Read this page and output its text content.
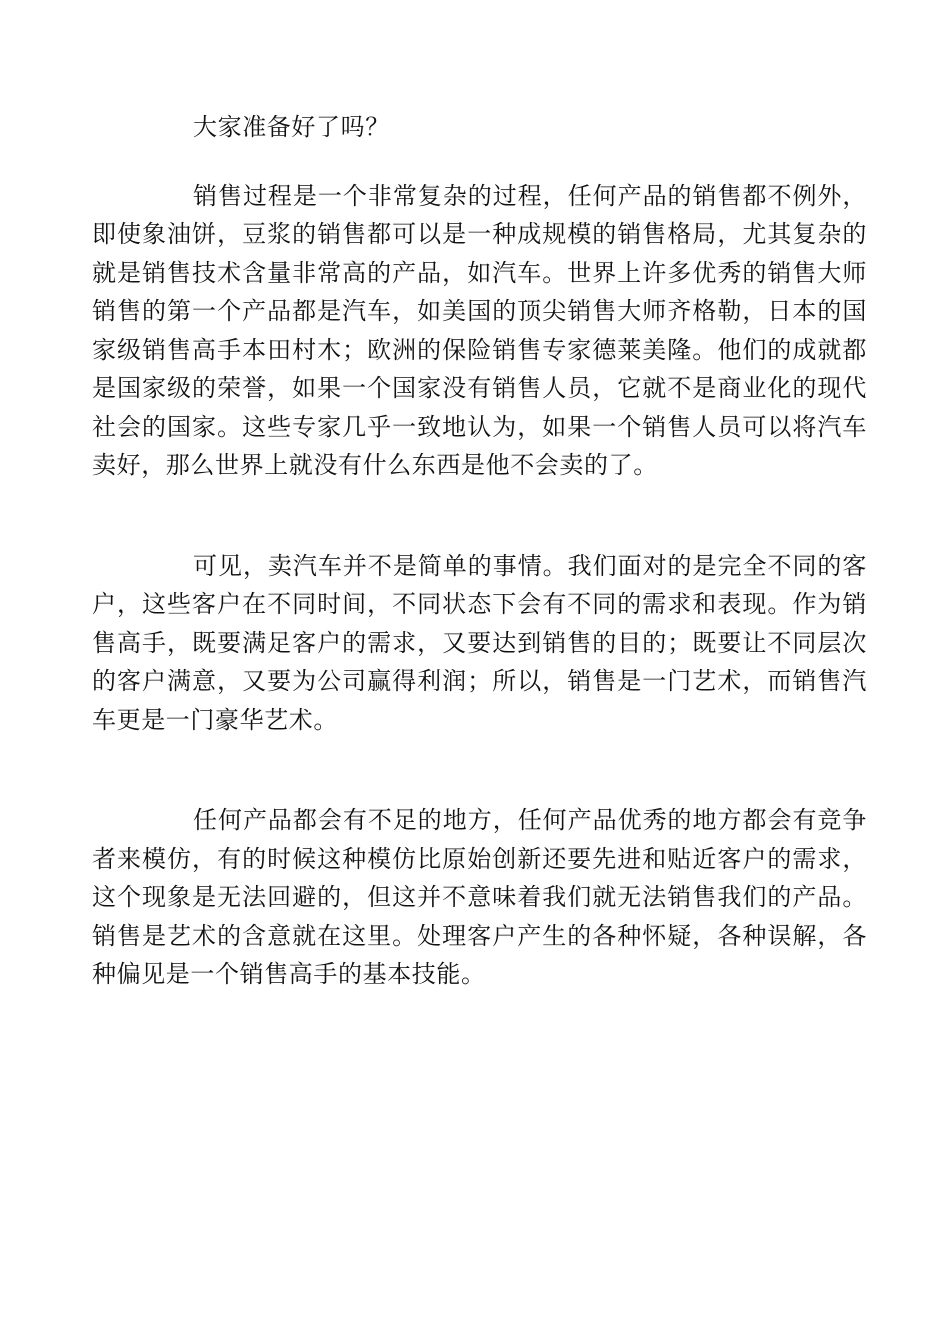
大家准备好了吗？

销售过程是一个非常复杂的过程，任何产品的销售都不例外，即使象油饼，豆浆的销售都可以是一种成规模的销售格局，尤其复杂的就是销售技术含量非常高的产品，如汽车。世界上许多优秀的销售大师销售的第一个产品都是汽车，如美国的顶尖销售大师齐格勒，日本的国家级销售高手本田村木；欧洲的保险销售专家德莱美隆。他们的成就都是国家级的荣誉，如果一个国家没有销售人员，它就不是商业化的现代社会的国家。这些专家几乎一致地认为，如果一个销售人员可以将汽车卖好，那么世界上就没有什么东西是他不会卖的了。

可见，卖汽车并不是简单的事情。我们面对的是完全不同的客户，这些客户在不同时间，不同状态下会有不同的需求和表现。作为销售高手，既要满足客户的需求，又要达到销售的目的；既要让不同层次的客户满意，又要为公司赢得利润；所以，销售是一门艺术，而销售汽车更是一门豪华艺术。

任何产品都会有不足的地方，任何产品优秀的地方都会有竞争者来模仿，有的时候这种模仿比原始创新还要先进和贴近客户的需求，这个现象是无法回避的，但这并不意味着我们就无法销售我们的产品。销售是艺术的含意就在这里。处理客户产生的各种怀疑，各种误解，各种偏见是一个销售高手的基本技能。
